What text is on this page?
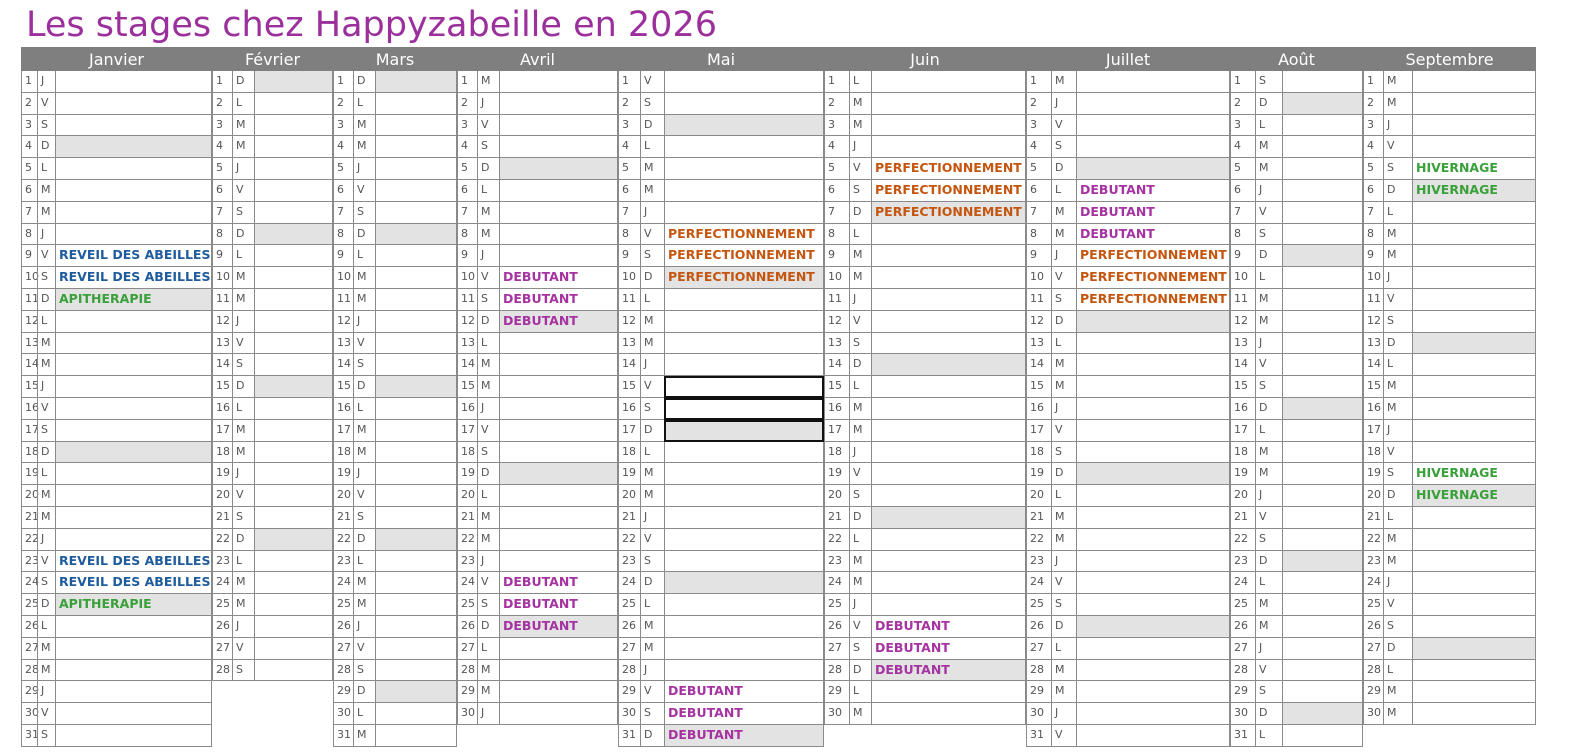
Les stages chez Happyzabeille en 2026
Janvier
1 J
2 V
3 S
4 D
5 L
6 M
7 M
8 J
9 V REVEIL DES ABEILLES
10 S REVEIL DES ABEILLES
11 D APITHERAPIE
12 L
13 M
14 M
15 J
16 V
17 S
18 D
19 L
20 M
21 M
22 J
23 V REVEIL DES ABEILLES
24 S REVEIL DES ABEILLES
25 D APITHERAPIE
26 L
27 M
28 M
29 J
30 V
31 S
Février
1	D
2	L
3	M
4	M
5	J
6	V
7	S
8	D
9	L
10 M
11 M
12 J
13 V
14 S
15 D
16 L
17 M
18 M
19 J
20 V
21 S
22 D
23 L
24 M
25 M
26 J
27 V
28 S
Mars
1	D
2	L
3	M
4	M
5	J
6	V
7	S
8	D
9	L
10 M
11 M
12 J
13 V
14 S
15 D
16 L
17 M
18 M
19 J
20 V
21 S
22 D
23 L
24 M
25 M
26 J
27 V
28 S
29 D
30 L
31 M
Avril
1	M
2	J
3	V
4	S
5	D
6	L
7	M
8	M
9	J
10 V	DEBUTANT
11 S	DEBUTANT
12 D	DEBUTANT
13 L
14 M
15 M
16 J
17 V
18 S
19 D
20 L
21 M
22 M
23 J
24 V	DEBUTANT
25 S	DEBUTANT
26 D	DEBUTANT
27 L
28 M
29 M
30 J
Mai
1	V
2	S
3	D
4	L
5	M
6	M
7	J
8	V	PERFECTIONNEMENT
9	S	PERFECTIONNEMENT
10 D	PERFECTIONNEMENT
11 L
12 M
13 M
14 J
15 V
16 S
17 D
18 L
19 M
20 M
21 J
22 V
23 S
24 D
25 L
26 M
27 M
28 J
29 V	DEBUTANT
30 S	DEBUTANT
31 D	DEBUTANT
Juin
1	L
2	M
3	M
4	J
5	V	PERFECTIONNEMENT
6	S	PERFECTIONNEMENT
7	D	PERFECTIONNEMENT
8	L
9	M
10	M
11	J
12	V
13	S
14	D
15	L
16	M
17	M
18	J
19	V
20	S
21	D
22	L
23	M
24	M
25	J
26	V	DEBUTANT
27	S	DEBUTANT
28	D	DEBUTANT
29	L
30	M
Juillet
1	M
2	J
3	V
4	S
5	D
6	L	DEBUTANT
7	M	DEBUTANT
8	M	DEBUTANT
9	J	PERFECTIONNEMENT
10	V	PERFECTIONNEMENT
11	S	PERFECTIONNEMENT
12	D
13	L
14	M
15	M
16	J
17	V
18	S
19	D
20	L
21	M
22	M
23	J
24	V
25	S
26	D
27	L
28	M
29	M
30	J
31	V
Août
1	S
2	D
3	L
4	M
5	M
6	J
7	V
8	S
9	D
10	L
11	M
12	M
13	J
14	V
15	S
16	D
17	L
18	M
19	M
20	J
21	V
22	S
23	D
24	L
25	M
26	M
27	J
28	V
29	S
30	D
31	L
Septembre
1	M
2	M
3	J
4	V
5	S	HIVERNAGE
6	D	HIVERNAGE
7	L
8	M
9	M
10 J
11 V
12 S
13 D
14 L
15 M
16 M
17 J
18 V
19 S	HIVERNAGE
20 D	HIVERNAGE
21 L
22 M
23 M
24 J
25 V
26 S
27 D
28 L
29 M
30 M
